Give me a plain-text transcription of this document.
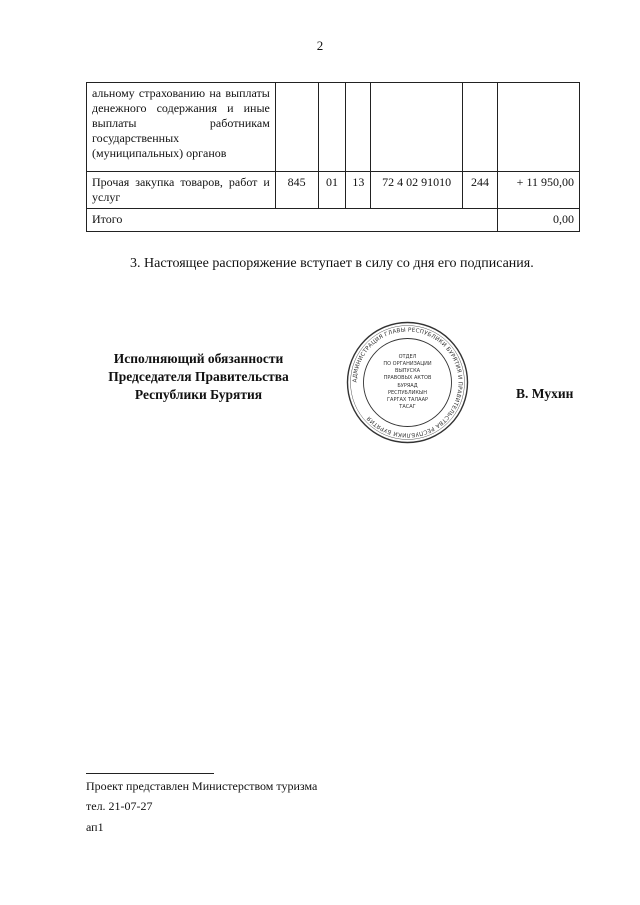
2
альному страхованию на выплаты денежного содержания и иные выплаты работникам государственных (муниципальных) органов						
Прочая закупка товаров, работ и услуг	845	01	13	72 4 02 91010	244	+ 11 950,00
Итого						0,00
3. Настоящее распоряжение вступает в силу со дня его подписания.
Исполняющий обязанности
Председателя Правительства
Республики Бурятия
АДМИНИСТРАЦИЯ ГЛАВЫ РЕСПУБЛИКИ БУРЯТИЯ И ПРАВИТЕЛЬСТВА РЕСПУБЛИКИ БУРЯТИЯ
ОТДЕЛ
ПО ОРГАНИЗАЦИИ
ВЫПУСКА
ПРАВОВЫХ АКТОВ
БУРЯАД
РЕСПУБЛИКЫН
ГАРГАХ ТАЛААР
ТАСАГ
В. Мухин
Проект представлен Министерством туризма
тел. 21-07-27
ап1
